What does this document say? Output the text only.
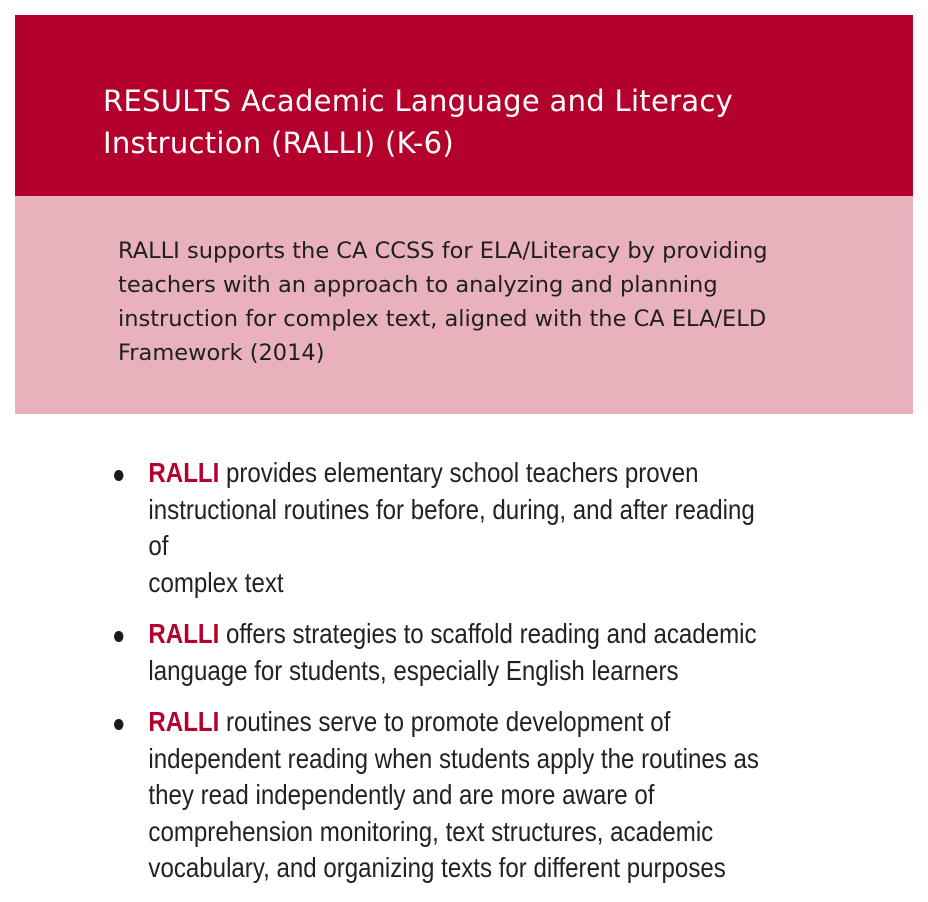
RESULTS Academic Language and Literacy
Instruction (RALLI) (K-6)

RALLI supports the CA CCSS for ELA/Literacy by providing
teachers with an approach to analyzing and planning
instruction for complex text, aligned with the CA ELA/ELD
Framework (2014)

RALLI provides elementary school teachers proven
instructional routines for before, during, and after reading of
complex text
RALLI offers strategies to scaffold reading and academic
language for students, especially English learners
RALLI routines serve to promote development of
independent reading when students apply the routines as
they read independently and are more aware of
comprehension monitoring, text structures, academic
vocabulary, and organizing texts for different purposes
